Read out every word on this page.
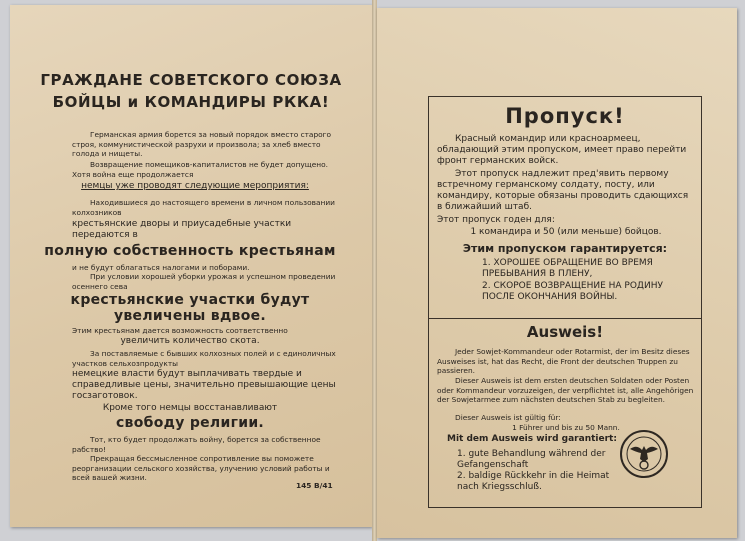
ГРАЖДАНЕ СОВЕТСКОГО СОЮЗА
БОЙЦЫ и КОМАНДИРЫ РККА!
Германская армия борется за новый порядок вместо старого строя, коммунистической разрухи и произвола; за хлеб вместо голода и нищеты.
Возвращение помещиков-капиталистов не будет допущено. Хотя война еще продолжается
немцы уже проводят следующие мероприятия:
Находившиеся до настоящего времени в личном пользовании колхозников
крестьянские дворы и приусадебные участки передаются в
полную собственность крестьянам
и не будут облагаться налогами и поборами.
При условии хорошей уборки урожая и успешном проведении осеннего сева
крестьянские участки будут увеличены вдвое.
Этим крестьянам дается возможность соответственно
увеличить количество скота.
За поставляемые с бывших колхозных полей и с единоличных участков сельхозпродукты
немецкие власти будут выплачивать твердые и справедливые цены, значительно превышающие цены госзаготовок.
Кроме того немцы восстанавливают
свободу религии.
Тот, кто будет продолжать войну, борется за собственное рабство!
Прекращая бессмысленное сопротивление вы поможете реорганизации сельского хозяйства, улучению условий работы и всей вашей жизни.
145 В/41
Пропуск!
Красный командир или красноармеец, обладающий этим пропуском, имеет право перейти фронт германских войск.
Этот пропуск надлежит пред'явить первому встречному германскому солдату, посту, или командиру, которые обязаны проводить сдающихся в ближайший штаб.
Этот пропуск годен для:
1 командира и 50 (или меньше) бойцов.
Этим пропуском гарантируется:
1. ХОРОШЕЕ ОБРАЩЕНИЕ ВО ВРЕМЯ ПРЕБЫВАНИЯ В ПЛЕНУ,
2. СКОРОЕ ВОЗВРАЩЕНИЕ НА РОДИНУ ПОСЛЕ ОКОНЧАНИЯ ВОЙНЫ.
Ausweis!
Jeder Sowjet-Kommandeur oder Rotarmist, der im Besitz dieses Ausweises ist, hat das Recht, die Front der deutschen Truppen zu passieren.
Dieser Ausweis ist dem ersten deutschen Soldaten oder Posten oder Kommandeur vorzuzeigen, der verpflichtet ist, alle Angehörigen der Sowjetarmee zum nächsten deutschen Stab zu begleiten.
Dieser Ausweis ist gültig für:
1 Führer und bis zu 50 Mann.
Mit dem Ausweis wird garantiert:
1. gute Behandlung während der Gefangenschaft
2. baldige Rückkehr in die Heimat nach Kriegsschluß.
